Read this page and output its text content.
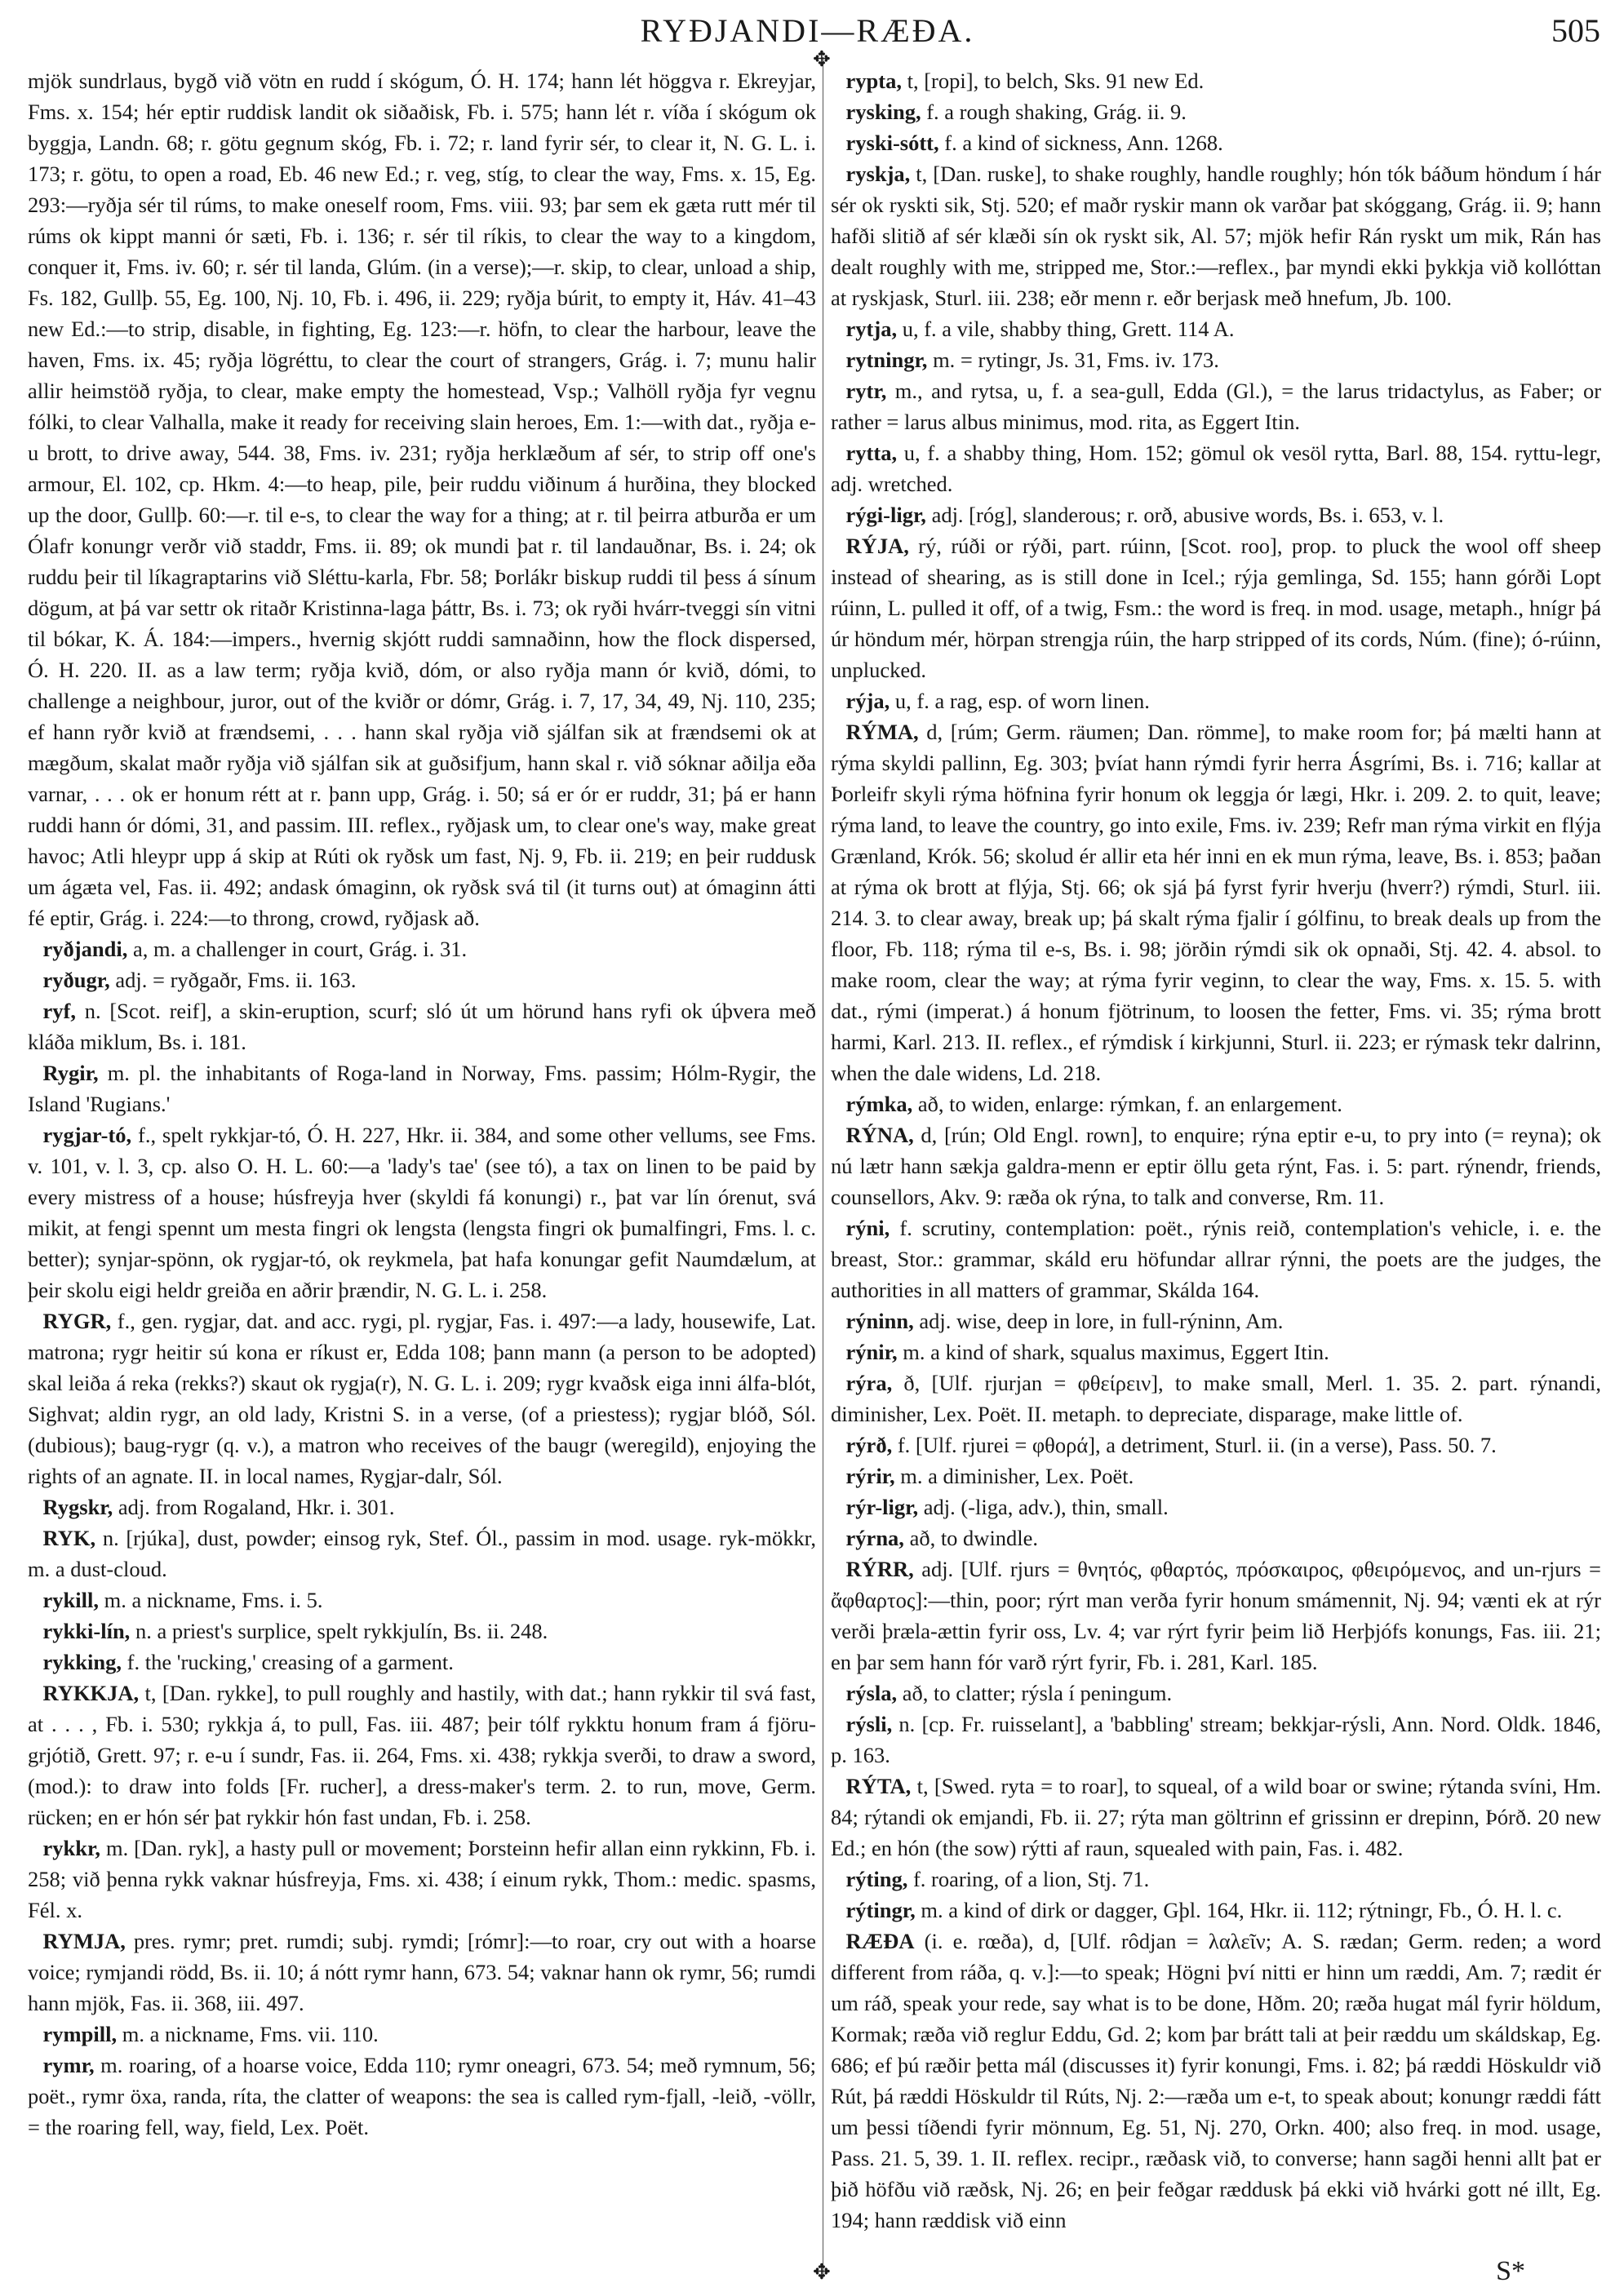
RYÐJANDI—RÆÐA.	505

mjök sundrlaus, bygð við vötn en rudd í skógum, Ó. H. 174; hann lét höggva r. Ekreyjar, Fms. x. 154; hér eptir ruddisk landit ok siðaðisk, Fb. i. 575; hann lét r. víða í skógum ok byggja, Landn. 68; r. götu gegnum skóg, Fb. i. 72; r. land fyrir sér, to clear it, N. G. L. i. 173; r. götu, to open a road, Eb. 46 new Ed.; r. veg, stíg, to clear the way, Fms. x. 15, Eg. 293:—ryðja sér til rúms, to make oneself room, Fms. viii. 93; þar sem ek gæta rutt mér til rúms ok kippt manni ór sæti, Fb. i. 136; r. sér til ríkis, to clear the way to a kingdom, conquer it, Fms. iv. 60; r. sér til landa, Glúm. (in a verse);—r. skip, to clear, unload a ship, Fs. 182, Gullþ. 55, Eg. 100, Nj. 10, Fb. i. 496, ii. 229; ryðja búrit, to empty it, Háv. 41–43 new Ed.:—to strip, disable, in fighting, Eg. 123:—r. höfn, to clear the harbour, leave the haven, Fms. ix. 45; ryðja lögréttu, to clear the court of strangers, Grág. i. 7; munu halir allir heimstöð ryðja, to clear, make empty the homestead, Vsp.; Valhöll ryðja fyr vegnu fólki, to clear Valhalla, make it ready for receiving slain heroes, Em. 1:—with dat., ryðja e-u brott, to drive away, 544. 38, Fms. iv. 231; ryðja herklæðum af sér, to strip off one's armour, El. 102, cp. Hkm. 4:—to heap, pile, þeir ruddu viðinum á hurðina, they blocked up the door, Gullþ. 60:—r. til e-s, to clear the way for a thing; at r. til þeirra atburða er um Ólafr konungr verðr við staddr, Fms. ii. 89; ok mundi þat r. til landauðnar, Bs. i. 24; ok ruddu þeir til líkagraptarins við Sléttu-karla, Fbr. 58; Þorlákr biskup ruddi til þess á sínum dögum, at þá var settr ok ritaðr Kristinna-laga þáttr, Bs. i. 73; ok ryði hvárr-tveggi sín vitni til bókar, K. Á. 184:—impers., hvernig skjótt ruddi samnaðinn, how the flock dispersed, Ó. H. 220. II. as a law term; ryðja kvið, dóm, or also ryðja mann ór kvið, dómi, to challenge a neighbour, juror, out of the kviðr or dómr, Grág. i. 7, 17, 34, 49, Nj. 110, 235; ef hann ryðr kvið at frændsemi, . . . hann skal ryðja við sjálfan sik at frændsemi ok at mægðum, skalat maðr ryðja við sjálfan sik at guðsifjum, hann skal r. við sóknar aðilja eða varnar, . . . ok er honum rétt at r. þann upp, Grág. i. 50; sá er ór er ruddr, 31; þá er hann ruddi hann ór dómi, 31, and passim. III. reflex., ryðjask um, to clear one's way, make great havoc; Atli hleypr upp á skip at Rúti ok ryðsk um fast, Nj. 9, Fb. ii. 219; en þeir ruddusk um ágæta vel, Fas. ii. 492; andask ómaginn, ok ryðsk svá til (it turns out) at ómaginn átti fé eptir, Grág. i. 224:—to throng, crowd, ryðjask að.

ryðjandi, a, m. a challenger in court, Grág. i. 31.

ryðugr, adj. = ryðgaðr, Fms. ii. 163.

ryf, n. [Scot. reif], a skin-eruption, scurf; sló út um hörund hans ryfi ok úþvera með kláða miklum, Bs. i. 181.

Rygir, m. pl. the inhabitants of Roga-land in Norway, Fms. passim; Hólm-Rygir, the Island 'Rugians.'

rygjar-tó, f., spelt rykkjar-tó, Ó. H. 227, Hkr. ii. 384, and some other vellums, see Fms. v. 101, v. l. 3, cp. also O. H. L. 60:—a 'lady's tae' (see tó), a tax on linen to be paid by every mistress of a house; húsfreyja hver (skyldi fá konungi) r., þat var lín órenut, svá mikit, at fengi spennt um mesta fingri ok lengsta (lengsta fingri ok þumalfingri, Fms. l. c. better); synjar-spönn, ok rygjar-tó, ok reykmela, þat hafa konungar gefit Naumdælum, at þeir skolu eigi heldr greiða en aðrir þrændir, N. G. L. i. 258.

RYGR, f., gen. rygjar, dat. and acc. rygi, pl. rygjar, Fas. i. 497:—a lady, housewife, Lat. matrona; rygr heitir sú kona er ríkust er, Edda 108; þann mann (a person to be adopted) skal leiða á reka (rekks?) skaut ok rygja(r), N. G. L. i. 209; rygr kvaðsk eiga inni álfa-blót, Sighvat; aldin rygr, an old lady, Kristni S. in a verse, (of a priestess); rygjar blóð, Sól. (dubious); baug-rygr (q. v.), a matron who receives of the baugr (weregild), enjoying the rights of an agnate. II. in local names, Rygjar-dalr, Sól.

Rygskr, adj. from Rogaland, Hkr. i. 301.

RYK, n. [rjúka], dust, powder; einsog ryk, Stef. Ól., passim in mod. usage. ryk-mökkr, m. a dust-cloud.

rykill, m. a nickname, Fms. i. 5.

rykki-lín, n. a priest's surplice, spelt rykkjulín, Bs. ii. 248.

rykking, f. the 'rucking,' creasing of a garment.

RYKKJA, t, [Dan. rykke], to pull roughly and hastily, with dat.; hann rykkir til svá fast, at . . . , Fb. i. 530; rykkja á, to pull, Fas. iii. 487; þeir tólf rykktu honum fram á fjöru-grjótið, Grett. 97; r. e-u í sundr, Fas. ii. 264, Fms. xi. 438; rykkja sverði, to draw a sword, (mod.): to draw into folds [Fr. rucher], a dress-maker's term. 2. to run, move, Germ. rücken; en er hón sér þat rykkir hón fast undan, Fb. i. 258.

rykkr, m. [Dan. ryk], a hasty pull or movement; Þorsteinn hefir allan einn rykkinn, Fb. i. 258; við þenna rykk vaknar húsfreyja, Fms. xi. 438; í einum rykk, Thom.: medic. spasms, Fél. x.

RYMJA, pres. rymr; pret. rumdi; subj. rymdi; [rómr]:—to roar, cry out with a hoarse voice; rymjandi rödd, Bs. ii. 10; á nótt rymr hann, 673. 54; vaknar hann ok rymr, 56; rumdi hann mjök, Fas. ii. 368, iii. 497.

rympill, m. a nickname, Fms. vii. 110.

rymr, m. roaring, of a hoarse voice, Edda 110; rymr oneagri, 673. 54; með rymnum, 56; poët., rymr öxa, randa, ríta, the clatter of weapons: the sea is called rym-fjall, -leið, -völlr, = the roaring fell, way, field, Lex. Poët.

✥
✥

rypta, t, [ropi], to belch, Sks. 91 new Ed.

rysking, f. a rough shaking, Grág. ii. 9.

ryski-sótt, f. a kind of sickness, Ann. 1268.

ryskja, t, [Dan. ruske], to shake roughly, handle roughly; hón tók báðum höndum í hár sér ok ryskti sik, Stj. 520; ef maðr ryskir mann ok varðar þat skóggang, Grág. ii. 9; hann hafði slitið af sér klæði sín ok ryskt sik, Al. 57; mjök hefir Rán ryskt um mik, Rán has dealt roughly with me, stripped me, Stor.:—reflex., þar myndi ekki þykkja við kollóttan at ryskjask, Sturl. iii. 238; eðr menn r. eðr berjask með hnefum, Jb. 100.

rytja, u, f. a vile, shabby thing, Grett. 114 A.

rytningr, m. = rytingr, Js. 31, Fms. iv. 173.

rytr, m., and rytsa, u, f. a sea-gull, Edda (Gl.), = the larus tridactylus, as Faber; or rather = larus albus minimus, mod. rita, as Eggert Itin.

rytta, u, f. a shabby thing, Hom. 152; gömul ok vesöl rytta, Barl. 88, 154. ryttu-legr, adj. wretched.

rýgi-ligr, adj. [róg], slanderous; r. orð, abusive words, Bs. i. 653, v. l.

RÝJA, rý, rúði or rýði, part. rúinn, [Scot. roo], prop. to pluck the wool off sheep instead of shearing, as is still done in Icel.; rýja gemlinga, Sd. 155; hann górði Lopt rúinn, L. pulled it off, of a twig, Fsm.: the word is freq. in mod. usage, metaph., hnígr þá úr höndum mér, hörpan strengja rúin, the harp stripped of its cords, Núm. (fine); ó-rúinn, unplucked.

rýja, u, f. a rag, esp. of worn linen.

RÝMA, d, [rúm; Germ. räumen; Dan. römme], to make room for; þá mælti hann at rýma skyldi pallinn, Eg. 303; þvíat hann rýmdi fyrir herra Ásgrími, Bs. i. 716; kallar at Þorleifr skyli rýma höfnina fyrir honum ok leggja ór lægi, Hkr. i. 209. 2. to quit, leave; rýma land, to leave the country, go into exile, Fms. iv. 239; Refr man rýma virkit en flýja Grænland, Krók. 56; skolud ér allir eta hér inni en ek mun rýma, leave, Bs. i. 853; þaðan at rýma ok brott at flýja, Stj. 66; ok sjá þá fyrst fyrir hverju (hverr?) rýmdi, Sturl. iii. 214. 3. to clear away, break up; þá skalt rýma fjalir í gólfinu, to break deals up from the floor, Fb. 118; rýma til e-s, Bs. i. 98; jörðin rýmdi sik ok opnaði, Stj. 42. 4. absol. to make room, clear the way; at rýma fyrir veginn, to clear the way, Fms. x. 15. 5. with dat., rými (imperat.) á honum fjötrinum, to loosen the fetter, Fms. vi. 35; rýma brott harmi, Karl. 213. II. reflex., ef rýmdisk í kirkjunni, Sturl. ii. 223; er rýmask tekr dalrinn, when the dale widens, Ld. 218.

rýmka, að, to widen, enlarge: rýmkan, f. an enlargement.

RÝNA, d, [rún; Old Engl. rown], to enquire; rýna eptir e-u, to pry into (= reyna); ok nú lætr hann sækja galdra-menn er eptir öllu geta rýnt, Fas. i. 5: part. rýnendr, friends, counsellors, Akv. 9: ræða ok rýna, to talk and converse, Rm. 11.

rýni, f. scrutiny, contemplation: poët., rýnis reið, contemplation's vehicle, i. e. the breast, Stor.: grammar, skáld eru höfundar allrar rýnni, the poets are the judges, the authorities in all matters of grammar, Skálda 164.

rýninn, adj. wise, deep in lore, in full-rýninn, Am.

rýnir, m. a kind of shark, squalus maximus, Eggert Itin.

rýra, ð, [Ulf. rjurjan = φθείρειν], to make small, Merl. 1. 35. 2. part. rýnandi, diminisher, Lex. Poët. II. metaph. to depreciate, disparage, make little of.

rýrð, f. [Ulf. rjurei = φθορά], a detriment, Sturl. ii. (in a verse), Pass. 50. 7.

rýrir, m. a diminisher, Lex. Poët.

rýr-ligr, adj. (-liga, adv.), thin, small.

rýrna, að, to dwindle.

RÝRR, adj. [Ulf. rjurs = θνητός, φθαρτός, πρόσκαιρος, φθειρόμενος, and un-rjurs = ἄφθαρτος]:—thin, poor; rýrt man verða fyrir honum smámennit, Nj. 94; vænti ek at rýr verði þræla-ættin fyrir oss, Lv. 4; var rýrt fyrir þeim lið Herþjófs konungs, Fas. iii. 21; en þar sem hann fór varð rýrt fyrir, Fb. i. 281, Karl. 185.

rýsla, að, to clatter; rýsla í peningum.

rýsli, n. [cp. Fr. ruisselant], a 'babbling' stream; bekkjar-rýsli, Ann. Nord. Oldk. 1846, p. 163.

RÝTA, t, [Swed. ryta = to roar], to squeal, of a wild boar or swine; rýtanda svíni, Hm. 84; rýtandi ok emjandi, Fb. ii. 27; rýta man göltrinn ef grissinn er drepinn, Þórð. 20 new Ed.; en hón (the sow) rýtti af raun, squealed with pain, Fas. i. 482.

rýting, f. roaring, of a lion, Stj. 71.

rýtingr, m. a kind of dirk or dagger, Gþl. 164, Hkr. ii. 112; rýtningr, Fb., Ó. H. l. c.

RÆÐA (i. e. rœða), d, [Ulf. rôdjan = λαλεῖν; A. S. rædan; Germ. reden; a word different from ráða, q. v.]:—to speak; Högni því nitti er hinn um ræddi, Am. 7; rædit ér um ráð, speak your rede, say what is to be done, Hðm. 20; ræða hugat mál fyrir höldum, Kormak; ræða við reglur Eddu, Gd. 2; kom þar brátt tali at þeir ræddu um skáldskap, Eg. 686; ef þú ræðir þetta mál (discusses it) fyrir konungi, Fms. i. 82; þá ræddi Höskuldr við Rút, þá ræddi Höskuldr til Rúts, Nj. 2:—ræða um e-t, to speak about; konungr ræddi fátt um þessi tíðendi fyrir mönnum, Eg. 51, Nj. 270, Orkn. 400; also freq. in mod. usage, Pass. 21. 5, 39. 1. II. reflex. recipr., ræðask við, to converse; hann sagði henni allt þat er þið höfðu við ræðsk, Nj. 26; en þeir feðgar ræddusk þá ekki við hvárki gott né illt, Eg. 194; hann ræddisk við einn

S*
